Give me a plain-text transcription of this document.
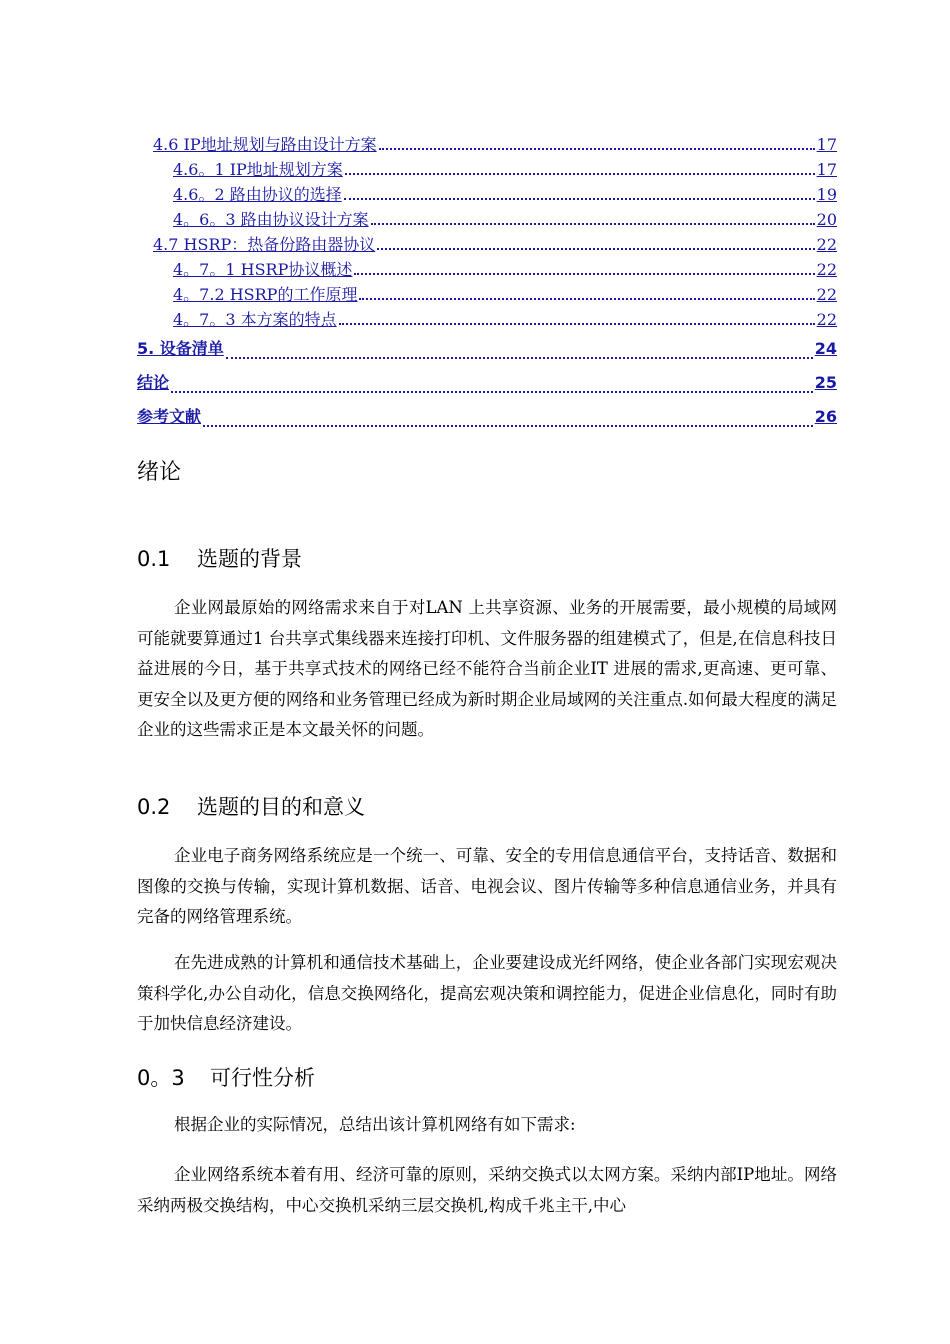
4.6 IP地址规划与路由设计方案	17
4.6。1 IP地址规划方案	17
4.6。2 路由协议的选择	19
4。6。3 路由协议设计方案	20
4.7 HSRP：热备份路由器协议	22
4。7。1 HSRP协议概述	22
4。7.2 HSRP的工作原理	22
4。7。3 本方案的特点	22
5. 设备清单	24
结论	25
参考文献	26
绪论
0.1 选题的背景
企业网最原始的网络需求来自于对LAN 上共享资源、业务的开展需要，最小规模的局域网可能就要算通过1 台共享式集线器来连接打印机、文件服务器的组建模式了，但是,在信息科技日益进展的今日，基于共享式技术的网络已经不能符合当前企业IT 进展的需求,更高速、更可靠、更安全以及更方便的网络和业务管理已经成为新时期企业局域网的关注重点.如何最大程度的满足企业的这些需求正是本文最关怀的问题。
0.2 选题的目的和意义
企业电子商务网络系统应是一个统一、可靠、安全的专用信息通信平台，支持话音、数据和图像的交换与传输，实现计算机数据、话音、电视会议、图片传输等多种信息通信业务，并具有完备的网络管理系统。
在先进成熟的计算机和通信技术基础上，企业要建设成光纤网络，使企业各部门实现宏观决策科学化,办公自动化，信息交换网络化，提高宏观决策和调控能力，促进企业信息化，同时有助于加快信息经济建设。
0。3 可行性分析
根据企业的实际情况，总结出该计算机网络有如下需求:
企业网络系统本着有用、经济可靠的原则，采纳交换式以太网方案。采纳内部IP地址。网络采纳两极交换结构，中心交换机采纳三层交换机,构成千兆主干,中心
